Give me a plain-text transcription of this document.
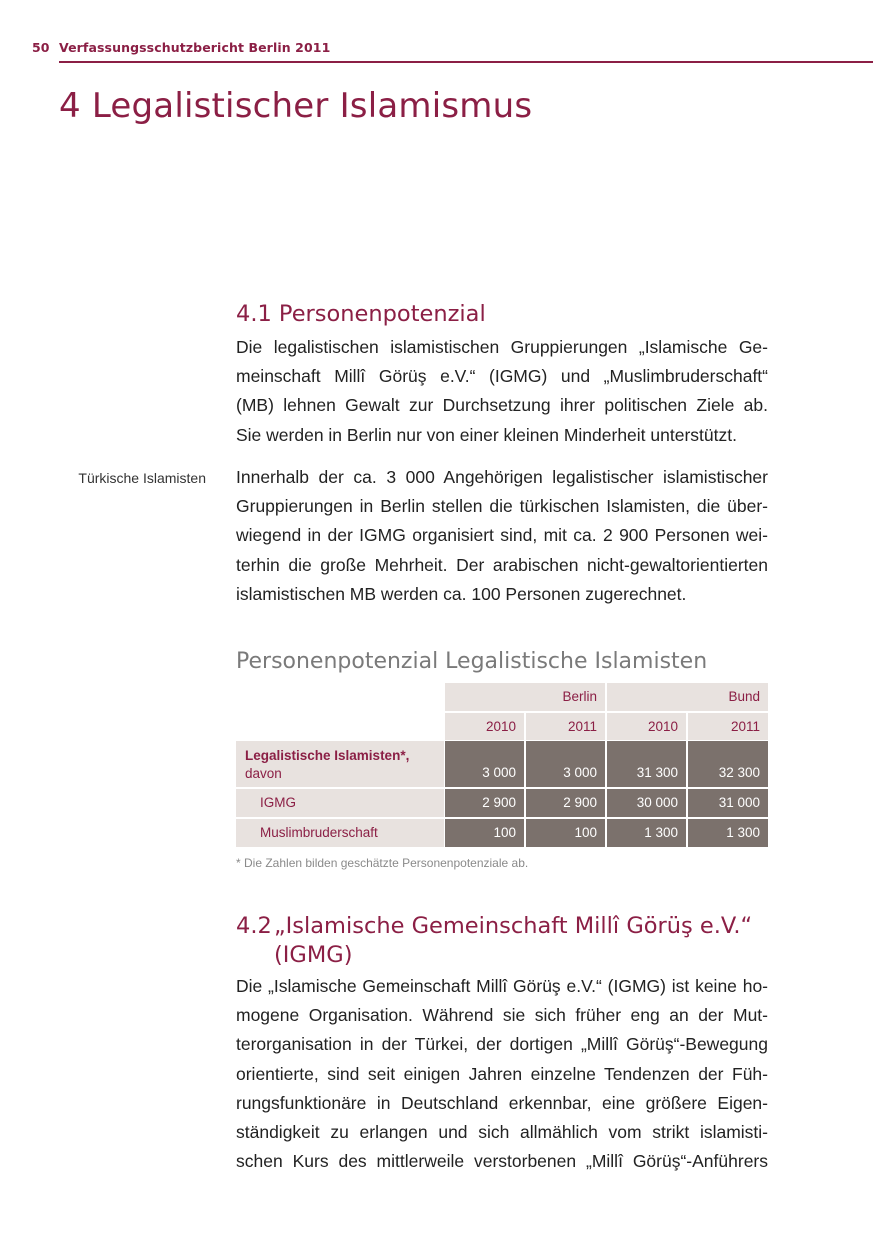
50 Verfassungsschutzbericht Berlin 2011
4 Legalistischer Islamismus
4.1 Personenpotenzial
Die legalistischen islamistischen Gruppierungen „Islamische Ge-
meinschaft Millî Görüş e.V.“ (IGMG) und „Muslimbruderschaft“
(MB) lehnen Gewalt zur Durchsetzung ihrer politischen Ziele ab.
Sie werden in Berlin nur von einer kleinen Minderheit unterstützt.
Türkische Islamisten Innerhalb der ca. 3 000 Angehörigen legalistischer islamistischer
Gruppierungen in Berlin stellen die türkischen Islamisten, die über-
wiegend in der IGMG organisiert sind, mit ca. 2 900 Personen wei-
terhin die große Mehrheit. Der arabischen nicht-gewaltorientierten
islamistischen MB werden ca. 100 Personen zugerechnet.
Personenpotenzial Legalistische Islamisten
Berlin	Bund
2010	2011	2010	2011
Legalistische Islamisten*,
davon	3 000	3 000	31 300	32 300
IGMG	2 900	2 900	30 000	31 000
Muslimbruderschaft	100	100	1 300	1 300
* Die Zahlen bilden geschätzte Personenpotenziale ab.
4.2„Islamische Gemeinschaft Millî Görüş e.V.“
(IGMG)
Die „Islamische Gemeinschaft Millî Görüş e.V.“ (IGMG) ist keine ho-
mogene Organisation. Während sie sich früher eng an der Mut-
terorganisation in der Türkei, der dortigen „Millî Görüş“-Bewegung
orientierte, sind seit einigen Jahren einzelne Tendenzen der Füh-
rungsfunktionäre in Deutschland erkennbar, eine größere Eigen-
ständigkeit zu erlangen und sich allmählich vom strikt islamisti-
schen Kurs des mittlerweile verstorbenen „Millî Görüş“-Anführers
